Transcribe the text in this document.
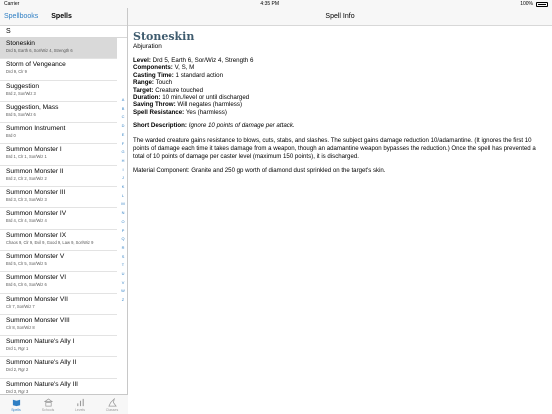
Carrier	4:35 PM	100%
Spellbooks Spells
S
Stoneskin
Drd 5, Earth 6, Sor/Wiz 4, Strength 6
Storm of Vengeance
Drd 9, Clr 9
Suggestion
Brd 2, Sor/Wiz 3
Suggestion, Mass
Brd 5, Sor/Wiz 6
Summon Instrument
Brd 0
Summon Monster I
Brd 1, Clr 1, Sor/Wiz 1
Summon Monster II
Brd 2, Clr 2, Sor/Wiz 2
Summon Monster III
Brd 3, Clr 3, Sor/Wiz 3
Summon Monster IV
Brd 4, Clr 4, Sor/Wiz 4
Summon Monster IX
Chaos 9, Clr 9, Evil 9, Good 9, Law 9, Sor/Wiz 9
Summon Monster V
Brd 5, Clr 5, Sor/Wiz 5
Summon Monster VI
Brd 6, Clr 6, Sor/Wiz 6
Summon Monster VII
Clr 7, Sor/Wiz 7
Summon Monster VIII
Clr 8, Sor/Wiz 8
Summon Nature's Ally I
Drd 1, Rgr 1
Summon Nature's Ally II
Drd 2, Rgr 2
Summon Nature's Ally III
Drd 3, Rgr 3
A
B
C
D
E
F
G
H
I
J
K
L
M
N
O
P
Q
R
S
T
U
V
W
Z
Spells	Schools	Levels	Classes
Spell Info
Stoneskin
Abjuration
Level: Drd 5, Earth 6, Sor/Wiz 4, Strength 6
Components: V, S, M
Casting Time: 1 standard action
Range: Touch
Target: Creature touched
Duration: 10 min./level or until discharged
Saving Throw: Will negates (harmless)
Spell Resistance: Yes (harmless)
Short Description: Ignore 10 points of damage per attack.
The warded creature gains resistance to blows, cuts, stabs, and slashes. The subject gains damage reduction 10/adamantine. (It ignores the first 10 points of damage each time it takes damage from a weapon, though an adamantine weapon bypasses the reduction.) Once the spell has prevented a total of 10 points of damage per caster level (maximum 150 points), it is discharged.
Material Component: Granite and 250 gp worth of diamond dust sprinkled on the target's skin.
